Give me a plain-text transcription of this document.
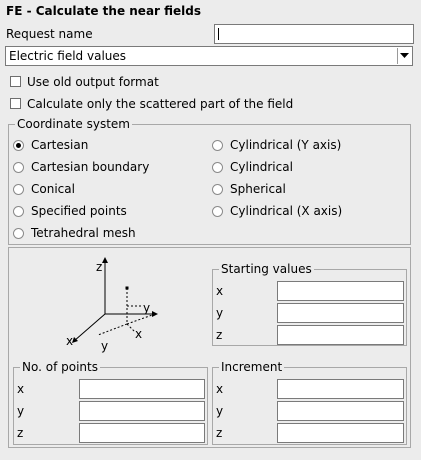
FE - Calculate the near fields
Request name
Electric field values
Use old output format
Calculate only the scattered part of the field
Coordinate system
Cartesian
Cartesian boundary
Conical
Specified points
Tetrahedral mesh
Cylindrical (Y axis)
Cylindrical
Spherical
Cylindrical (X axis)
z
y
x
x y
Starting values
x
y
z
No. of points
x
y
z
Increment
x
y
z
